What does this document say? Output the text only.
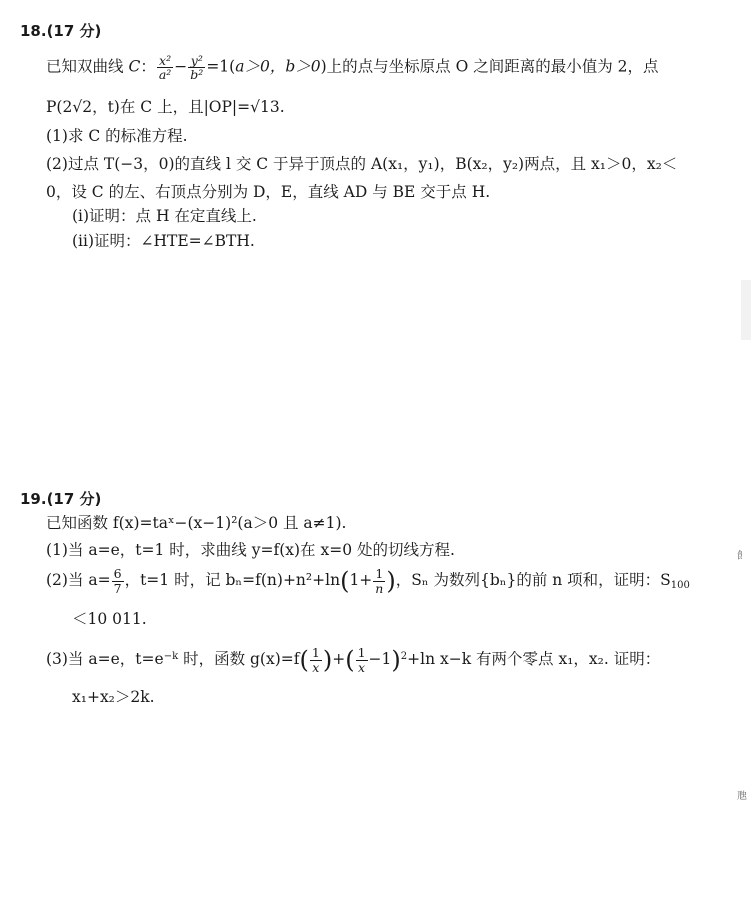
18.(17 分)
已知双曲线 C： $\frac{\text{x²}}{\text{a²}} - \frac{\text{y²}}{\text{b²}} =1(a>0$，b＞0)上的点与坐标原点 O 之间距离的最小值为 2，点
P(2√2，t)在 C 上，且|OP|=√13.
(1)求 C 的标准方程.
(2)过点 T(−3，0)的直线 l 交 C 于异于顶点的 A(x₁，y₁)，B(x₂，y₂)两点，且 x₁＞0，x₂＜
0，设 C 的左、右顶点分别为 D，E，直线 AD 与 BE 交于点 H.
(ⅰ)证明：点 H 在定直线上.
(ⅱ)证明：∠HTE=∠BTH.
19.(17 分)
已知函数 f(x)=taˣ−(x−1)²(a＞0 且 a≠1).
(1)当 a=e，t=1 时，求曲线 y=f(x)在 x=0 处的切线方程.
(2)当 $a= \frac{6}{7}$ ，t=1 时，记 $b_n=f(n)+n^2+\ln(1+ \frac{1}{n}$ )，Sₙ 为数列{bₙ}的前 n 项和，证明：$S_{100}$
＜10 011.
(3)当 a=e，$t=e^{-k}$ 时，函数 $g(x)=f( \frac{1}{x}$ )+( $\frac{1}{x} -1)^2+\ln$ x−k 有两个零点 x₁，x₂. 证明：
x₁+x₂＞2k.
飠
虺
